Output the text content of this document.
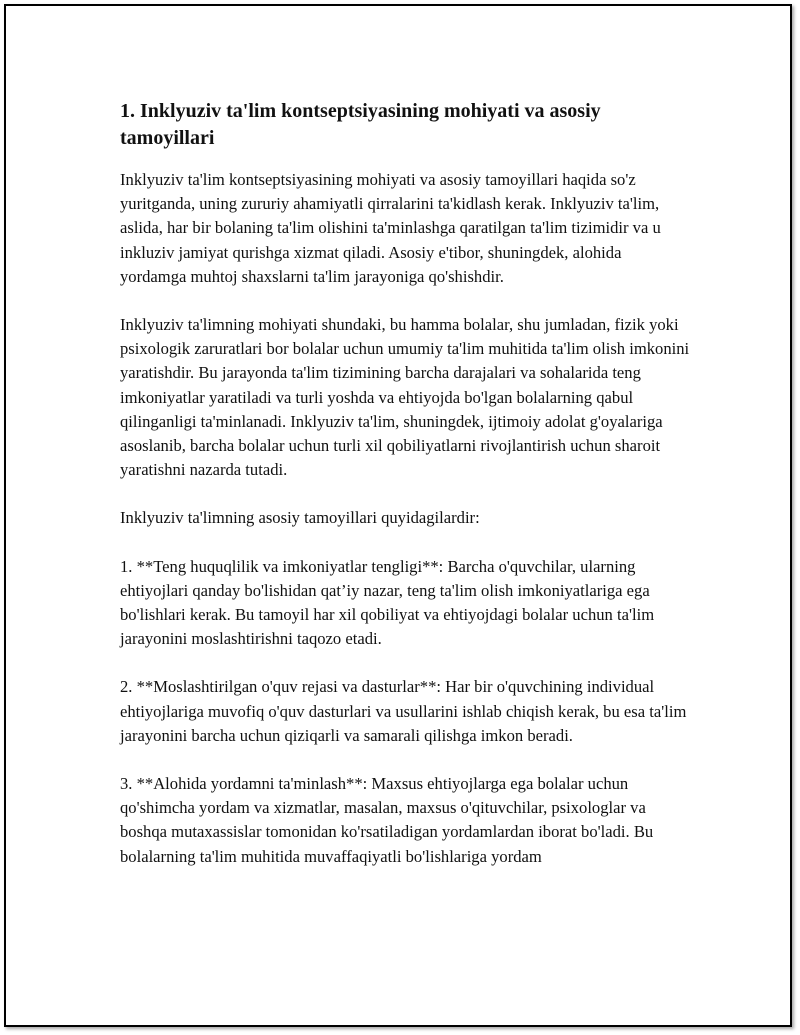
1. Inklyuziv ta'lim kontseptsiyasining mohiyati va asosiy tamoyillari

Inklyuziv ta'lim kontseptsiyasining mohiyati va asosiy tamoyillari haqida so'z yuritganda, uning zururiy ahamiyatli qirralarini ta'kidlash kerak. Inklyuziv ta'lim, aslida, har bir bolaning ta'lim olishini ta'minlashga qaratilgan ta'lim tizimidir va u inkluziv jamiyat qurishga xizmat qiladi. Asosiy e'tibor, shuningdek, alohida yordamga muhtoj shaxslarni ta'lim jarayoniga qo'shishdir.

Inklyuziv ta'limning mohiyati shundaki, bu hamma bolalar, shu jumladan, fizik yoki psixologik zaruratlari bor bolalar uchun umumiy ta'lim muhitida ta'lim olish imkonini yaratishdir. Bu jarayonda ta'lim tizimining barcha darajalari va sohalarida teng imkoniyatlar yaratiladi va turli yoshda va ehtiyojda bo'lgan bolalarning qabul qilinganligi ta'minlanadi. Inklyuziv ta'lim, shuningdek, ijtimoiy adolat g'oyalariga asoslanib, barcha bolalar uchun turli xil qobiliyatlarni rivojlantirish uchun sharoit yaratishni nazarda tutadi.

Inklyuziv ta'limning asosiy tamoyillari quyidagilardir:

1. **Teng huquqlilik va imkoniyatlar tengligi**: Barcha o'quvchilar, ularning ehtiyojlari qanday bo'lishidan qat’iy nazar, teng ta'lim olish imkoniyatlariga ega bo'lishlari kerak. Bu tamoyil har xil qobiliyat va ehtiyojdagi bolalar uchun ta'lim jarayonini moslashtirishni taqozo etadi.

2. **Moslashtirilgan o'quv rejasi va dasturlar**: Har bir o'quvchining individual ehtiyojlariga muvofiq o'quv dasturlari va usullarini ishlab chiqish kerak, bu esa ta'lim jarayonini barcha uchun qiziqarli va samarali qilishga imkon beradi.

3. **Alohida yordamni ta'minlash**: Maxsus ehtiyojlarga ega bolalar uchun qo'shimcha yordam va xizmatlar, masalan, maxsus o'qituvchilar, psixologlar va boshqa mutaxassislar tomonidan ko'rsatiladigan yordamlardan iborat bo'ladi. Bu bolalarning ta'lim muhitida muvaffaqiyatli bo'lishlariga yordam
